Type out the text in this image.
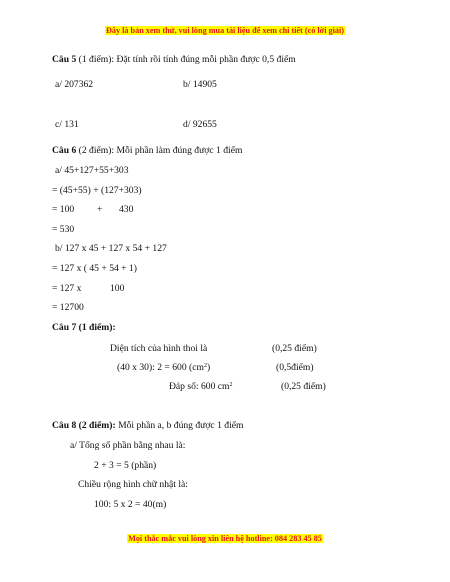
Đây là bản xem thử, vui lòng mua tài liệu để xem chi tiết (có lời giải)
Câu 5 (1 điểm): Đặt tính rồi tính đúng mỗi phần được 0,5 điểm
a/ 207362	b/ 14905
c/ 131	d/ 92655
Câu 6 (2 điểm): Mỗi phần làm đúng được 1 điểm
a/ 45+127+55+303
= (45+55) + (127+303)
= 100 + 430
= 530
b/ 127 x 45 + 127 x 54 + 127
= 127 x ( 45 + 54 + 1)
= 127 x	100
= 12700
Câu 7 (1 điểm):
Diện tích của hình thoi là	(0,25 điểm)
(40 x 30): 2 = 600 $(cm^2)$	(0,5điểm)
Đáp số: 600 $cm^2$	(0,25 điểm)
Câu 8 (2 điểm): Mỗi phần a, b đúng được 1 điểm
a/ Tổng số phần bằng nhau là:
2 + 3 = 5 (phần)
Chiều rộng hình chữ nhật là:
100: 5 x 2 = 40(m)
Mọi thắc mắc vui lòng xin liên hệ hotline: 084 283 45 85
